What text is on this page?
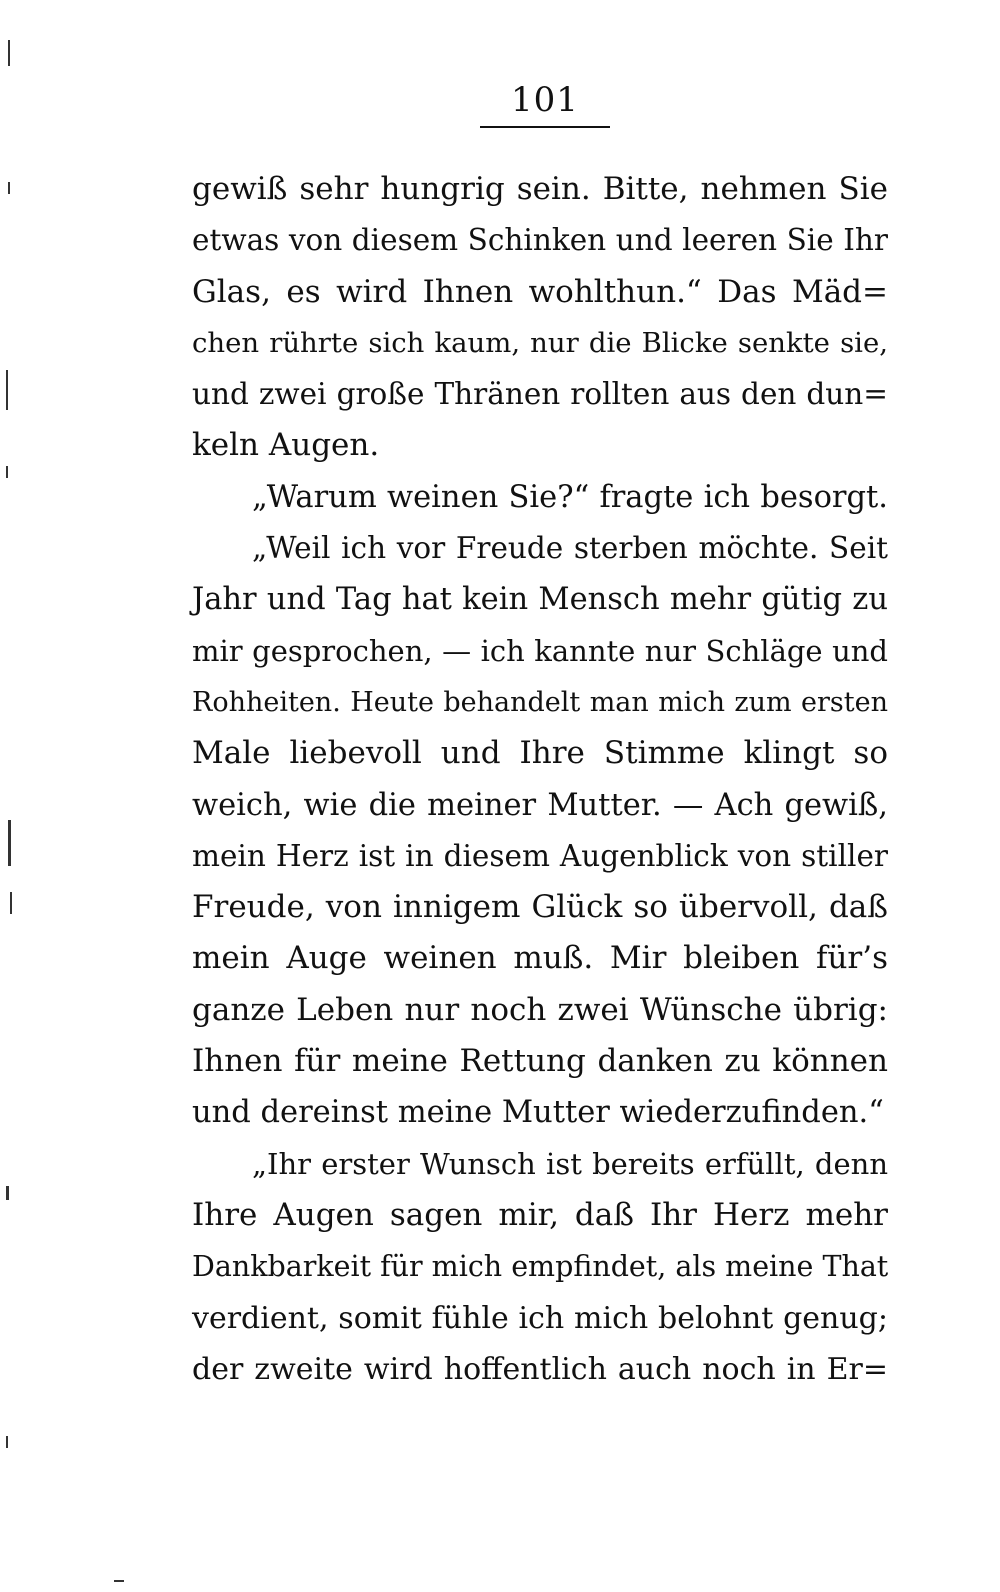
101
gewiß sehr hungrig sein. Bitte, nehmen Sie
etwas von diesem Schinken und leeren Sie Ihr
Glas, es wird Ihnen wohlthun.“ Das Mäd=
chen rührte sich kaum, nur die Blicke senkte sie,
und zwei große Thränen rollten aus den dun=
keln Augen.
„Warum weinen Sie?“ fragte ich besorgt.
„Weil ich vor Freude sterben möchte. Seit
Jahr und Tag hat kein Mensch mehr gütig zu
mir gesprochen, — ich kannte nur Schläge und
Rohheiten. Heute behandelt man mich zum ersten
Male liebevoll und Ihre Stimme klingt so
weich, wie die meiner Mutter. — Ach gewiß,
mein Herz ist in diesem Augenblick von stiller
Freude, von innigem Glück so übervoll, daß
mein Auge weinen muß. Mir bleiben für’s
ganze Leben nur noch zwei Wünsche übrig:
Ihnen für meine Rettung danken zu können
und dereinst meine Mutter wiederzufinden.“
„Ihr erster Wunsch ist bereits erfüllt, denn
Ihre Augen sagen mir, daß Ihr Herz mehr
Dankbarkeit für mich empfindet, als meine That
verdient, somit fühle ich mich belohnt genug;
der zweite wird hoffentlich auch noch in Er=
